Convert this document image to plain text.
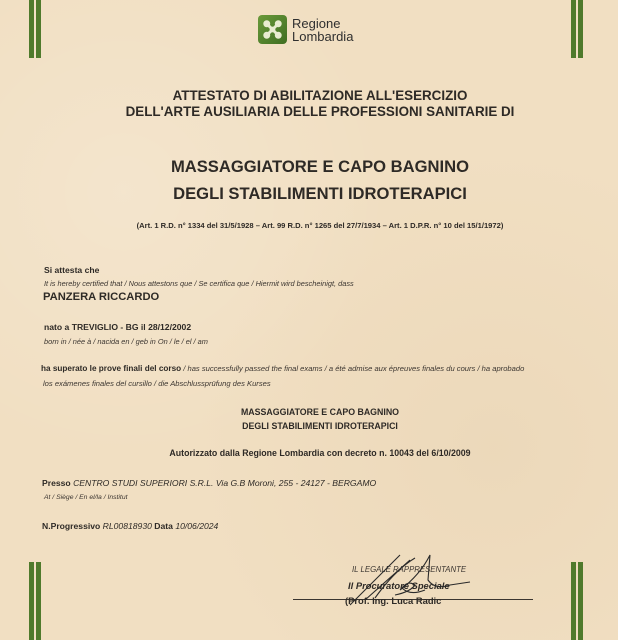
Regione
Lombardia
ATTESTATO DI ABILITAZIONE ALL'ESERCIZIO
DELL'ARTE AUSILIARIA DELLE PROFESSIONI SANITARIE DI
MASSAGGIATORE E CAPO BAGNINO
DEGLI STABILIMENTI IDROTERAPICI
(Art. 1 R.D. n° 1334 del 31/5/1928 – Art. 99 R.D. n° 1265 del 27/7/1934 – Art. 1 D.P.R. n° 10 del 15/1/1972)
Si attesta che
It is hereby certified that / Nous attestons que / Se certifica que / Hiermit wird bescheinigt, dass
PANZERA RICCARDO
nato a TREVIGLIO - BG il 28/12/2002
born in / née à / nacida en / geb in On / le / el / am
ha superato le prove finali del corso / has successfully passed the final exams / a été admise aux épreuves finales du cours / ha aprobado
los exámenes finales del cursillo / die Abschlussprüfung des Kurses
MASSAGGIATORE E CAPO BAGNINO
DEGLI STABILIMENTI IDROTERAPICI
Autorizzato dalla Regione Lombardia con decreto n. 10043 del 6/10/2009
Presso CENTRO STUDI SUPERIORI S.R.L. Via G.B Moroni, 255 - 24127 - BERGAMO
At / Siège / En el/la / Institut
N.Progressivo RL00818930 Data 10/06/2024
IL LEGALE RAPPRESENTANTE
Il Procuratore Speciale
(Prof. Ing. Luca Radic
